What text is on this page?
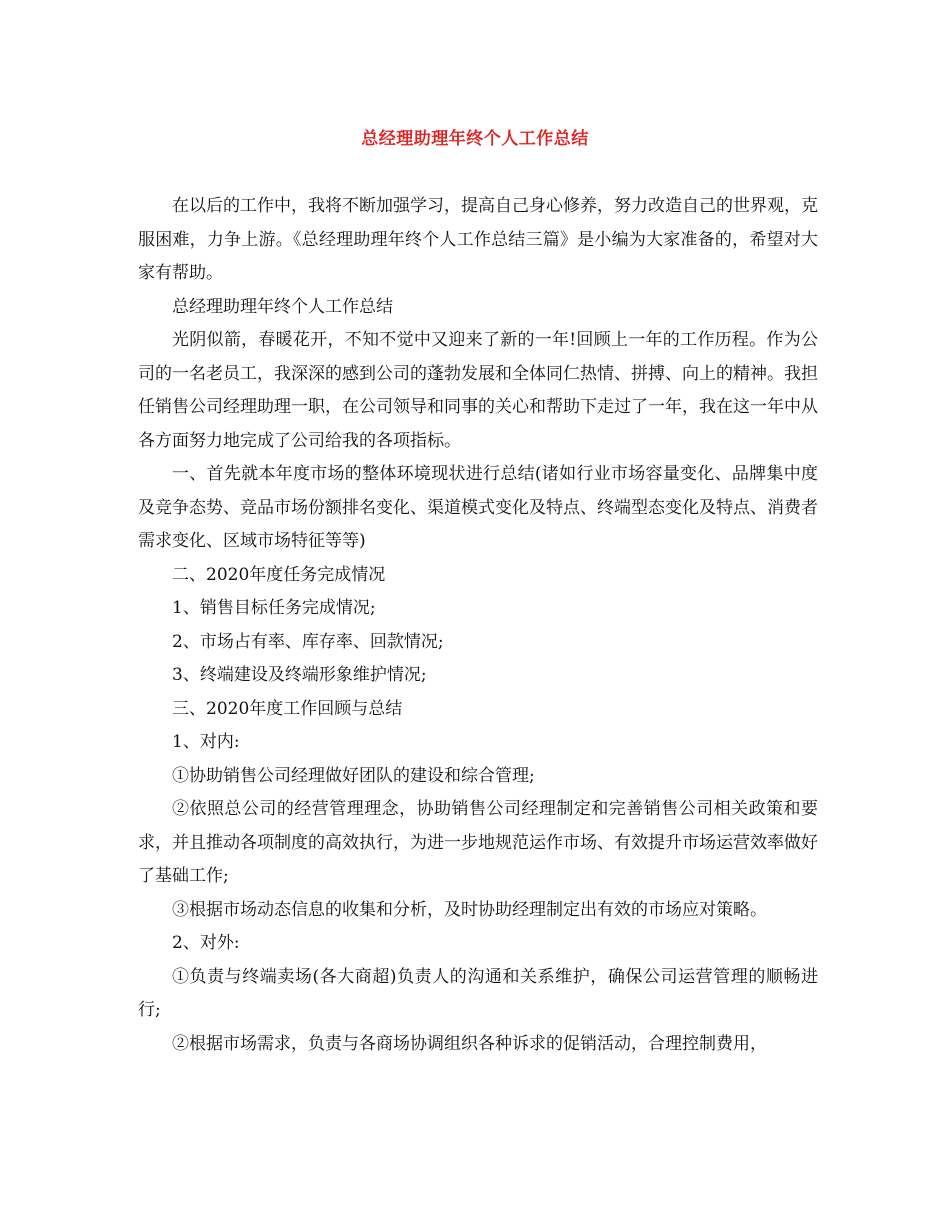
总经理助理年终个人工作总结

在以后的工作中，我将不断加强学习，提高自己身心修养，努力改造自己的世界观，克服困难，力争上游。《总经理助理年终个人工作总结三篇》是小编为大家准备的，希望对大家有帮助。

总经理助理年终个人工作总结

光阴似箭，春暖花开，不知不觉中又迎来了新的一年!回顾上一年的工作历程。作为公司的一名老员工，我深深的感到公司的蓬勃发展和全体同仁热情、拼搏、向上的精神。我担任销售公司经理助理一职，在公司领导和同事的关心和帮助下走过了一年，我在这一年中从各方面努力地完成了公司给我的各项指标。

一、首先就本年度市场的整体环境现状进行总结(诸如行业市场容量变化、品牌集中度及竞争态势、竞品市场份额排名变化、渠道模式变化及特点、终端型态变化及特点、消费者需求变化、区域市场特征等等)

二、2020年度任务完成情况

1、销售目标任务完成情况;

2、市场占有率、库存率、回款情况;

3、终端建设及终端形象维护情况;

三、2020年度工作回顾与总结

1、对内:

①协助销售公司经理做好团队的建设和综合管理;

②依照总公司的经营管理理念，协助销售公司经理制定和完善销售公司相关政策和要求，并且推动各项制度的高效执行，为进一步地规范运作市场、有效提升市场运营效率做好了基础工作;

③根据市场动态信息的收集和分析，及时协助经理制定出有效的市场应对策略。

2、对外:

①负责与终端卖场(各大商超)负责人的沟通和关系维护，确保公司运营管理的顺畅进行;

②根据市场需求，负责与各商场协调组织各种诉求的促销活动，合理控制费用，
